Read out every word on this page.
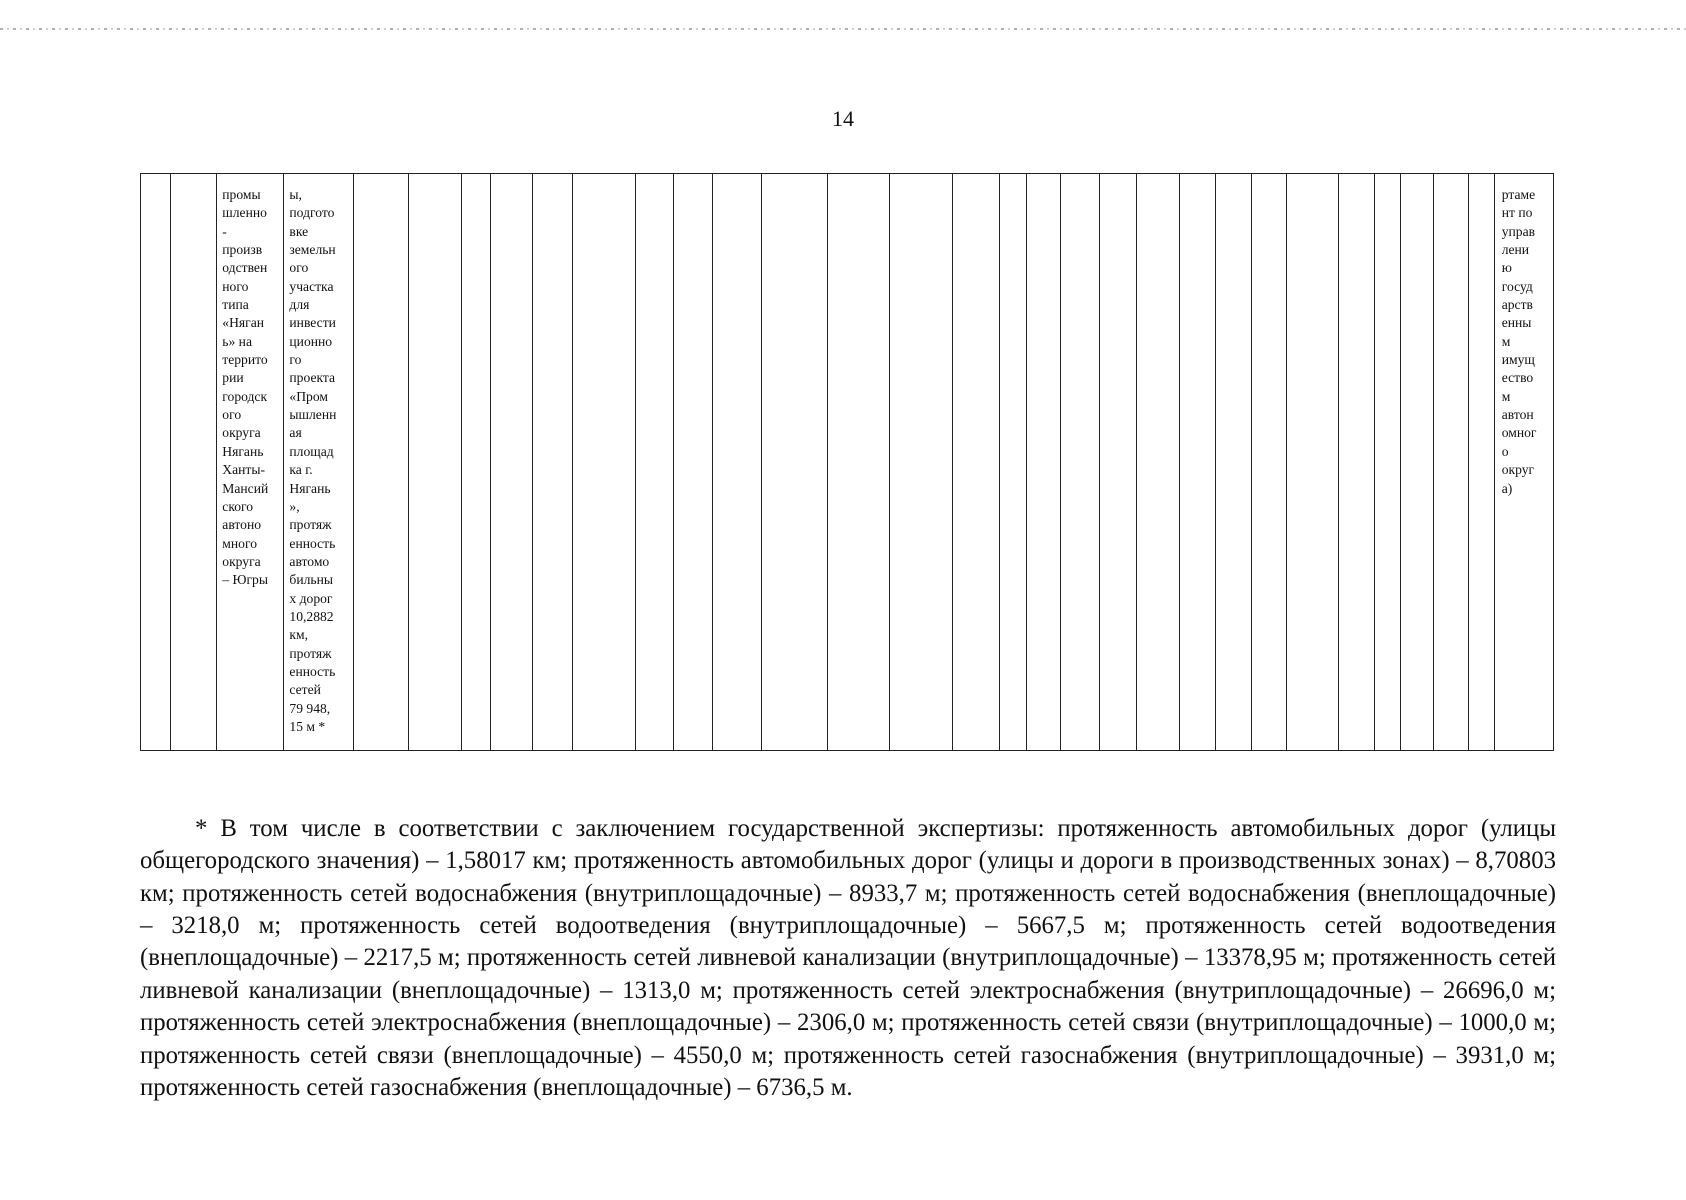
14

промы
шленно
-
произв
одствен
ного
типа
«Нягaн
ь» на
террито
рии
городск
ого
округа
Нягань
Ханты-
Мансий
ского
автоно
много
округа
– Югры

ы,
подгото
вке
земельн
ого
участка
для
инвести
ционно
го
проекта
«Пром
ышленн
ая
площад
ка г.
Нягань
»,
протяж
енность
автомо
бильны
х дорог
10,2882
км,
протяж
енность
сетей
79 948,
15 м *

ртаме
нт по
управ
лени
ю
госуд
арств
енны
м
имущ
ество
м
автон
омног
о
округ
а)

* В том числе в соответствии с заключением государственной экспертизы: протяженность автомобильных дорог (улицы общегородского значения) – 1,58017 км; протяженность автомобильных дорог (улицы и дороги в производственных зонах) – 8,70803 км; протяженность сетей водоснабжения (внутриплощадочные) – 8933,7 м; протяженность сетей водоснабжения (внеплощадочные) – 3218,0 м; протяженность сетей водоотведения (внутриплощадочные) – 5667,5 м; протяженность сетей водоотведения (внеплощадочные) – 2217,5 м; протяженность сетей ливневой канализации (внутриплощадочные) – 13378,95 м; протяженность сетей ливневой канализации (внеплощадочные) – 1313,0 м; протяженность сетей электроснабжения (внутриплощадочные) – 26696,0 м; протяженность сетей электроснабжения (внеплощадочные) – 2306,0 м; протяженность сетей связи (внутриплощадочные) – 1000,0 м; протяженность сетей связи (внеплощадочные) – 4550,0 м; протяженность сетей газоснабжения (внутриплощадочные) – 3931,0 м; протяженность сетей газоснабжения (внеплощадочные) – 6736,5 м.
